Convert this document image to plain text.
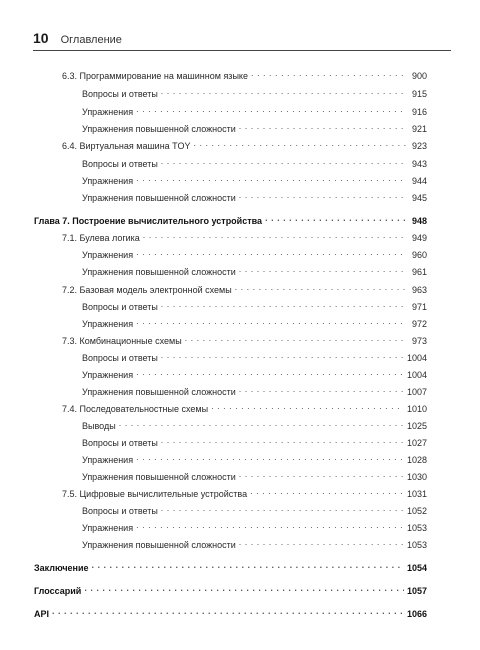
10 Оглавление
6.3. Программирование на машинном языке . . .	900
Вопросы и ответы . . .	915
Упражнения . . .	916
Упражнения повышенной сложности . . .	921
6.4. Виртуальная машина TOY . . .	923
Вопросы и ответы . . .	943
Упражнения . . .	944
Упражнения повышенной сложности . . .	945
Глава 7. Построение вычислительного устройства . . .	948
7.1. Булева логика . . .	949
Упражнения . . .	960
Упражнения повышенной сложности . . .	961
7.2. Базовая модель электронной схемы . . .	963
Вопросы и ответы . . .	971
Упражнения . . .	972
7.3. Комбинационные схемы . . .	973
Вопросы и ответы . . .	1004
Упражнения . . .	1004
Упражнения повышенной сложности . . .	1007
7.4. Последовательностные схемы . . .	1010
Выводы . . .	1025
Вопросы и ответы . . .	1027
Упражнения . . .	1028
Упражнения повышенной сложности . . .	1030
7.5. Цифровые вычислительные устройства . . .	1031
Вопросы и ответы . . .	1052
Упражнения . . .	1053
Упражнения повышенной сложности . . .	1053
Заключение . . .	1054
Глоссарий . . .	1057
API . . .	1066
